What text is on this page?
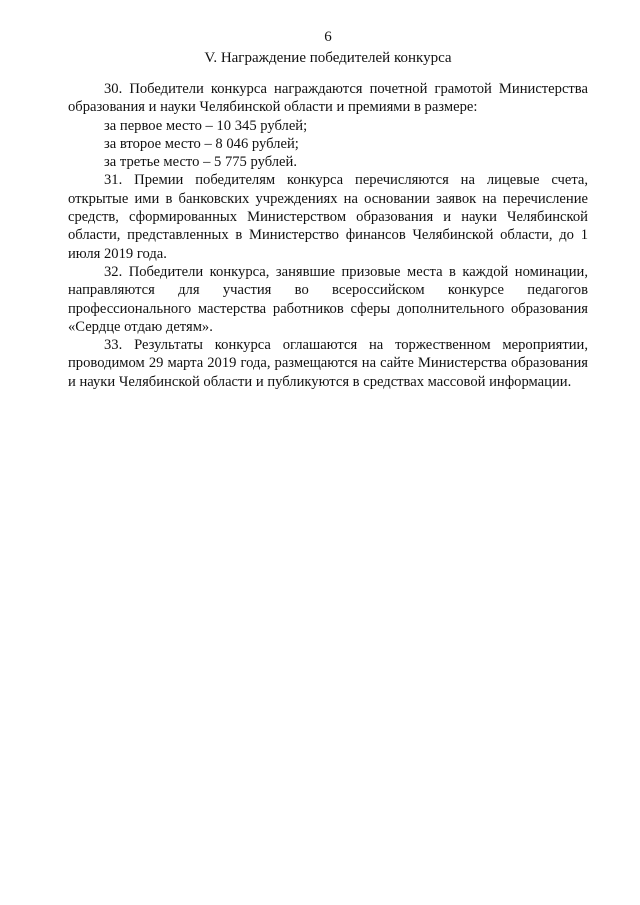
6
V. Награждение победителей конкурса

30. Победители конкурса награждаются почетной грамотой Министерства образования и науки Челябинской области и премиями в размере:

за первое место – 10 345 рублей;

за второе место – 8 046 рублей;

за третье место – 5 775 рублей.

31. Премии победителям конкурса перечисляются на лицевые счета, открытые ими в банковских учреждениях на основании заявок на перечисление средств, сформированных Министерством образования и науки Челябинской области, представленных в Министерство финансов Челябинской области, до 1 июля 2019 года.

32. Победители конкурса, занявшие призовые места в каждой номинации, направляются для участия во всероссийском конкурсе педагогов профессионального мастерства работников сферы дополнительного образования «Сердце отдаю детям».

33. Результаты конкурса оглашаются на торжественном мероприятии, проводимом 29 марта 2019 года, размещаются на сайте Министерства образования и науки Челябинской области и публикуются в средствах массовой информации.
